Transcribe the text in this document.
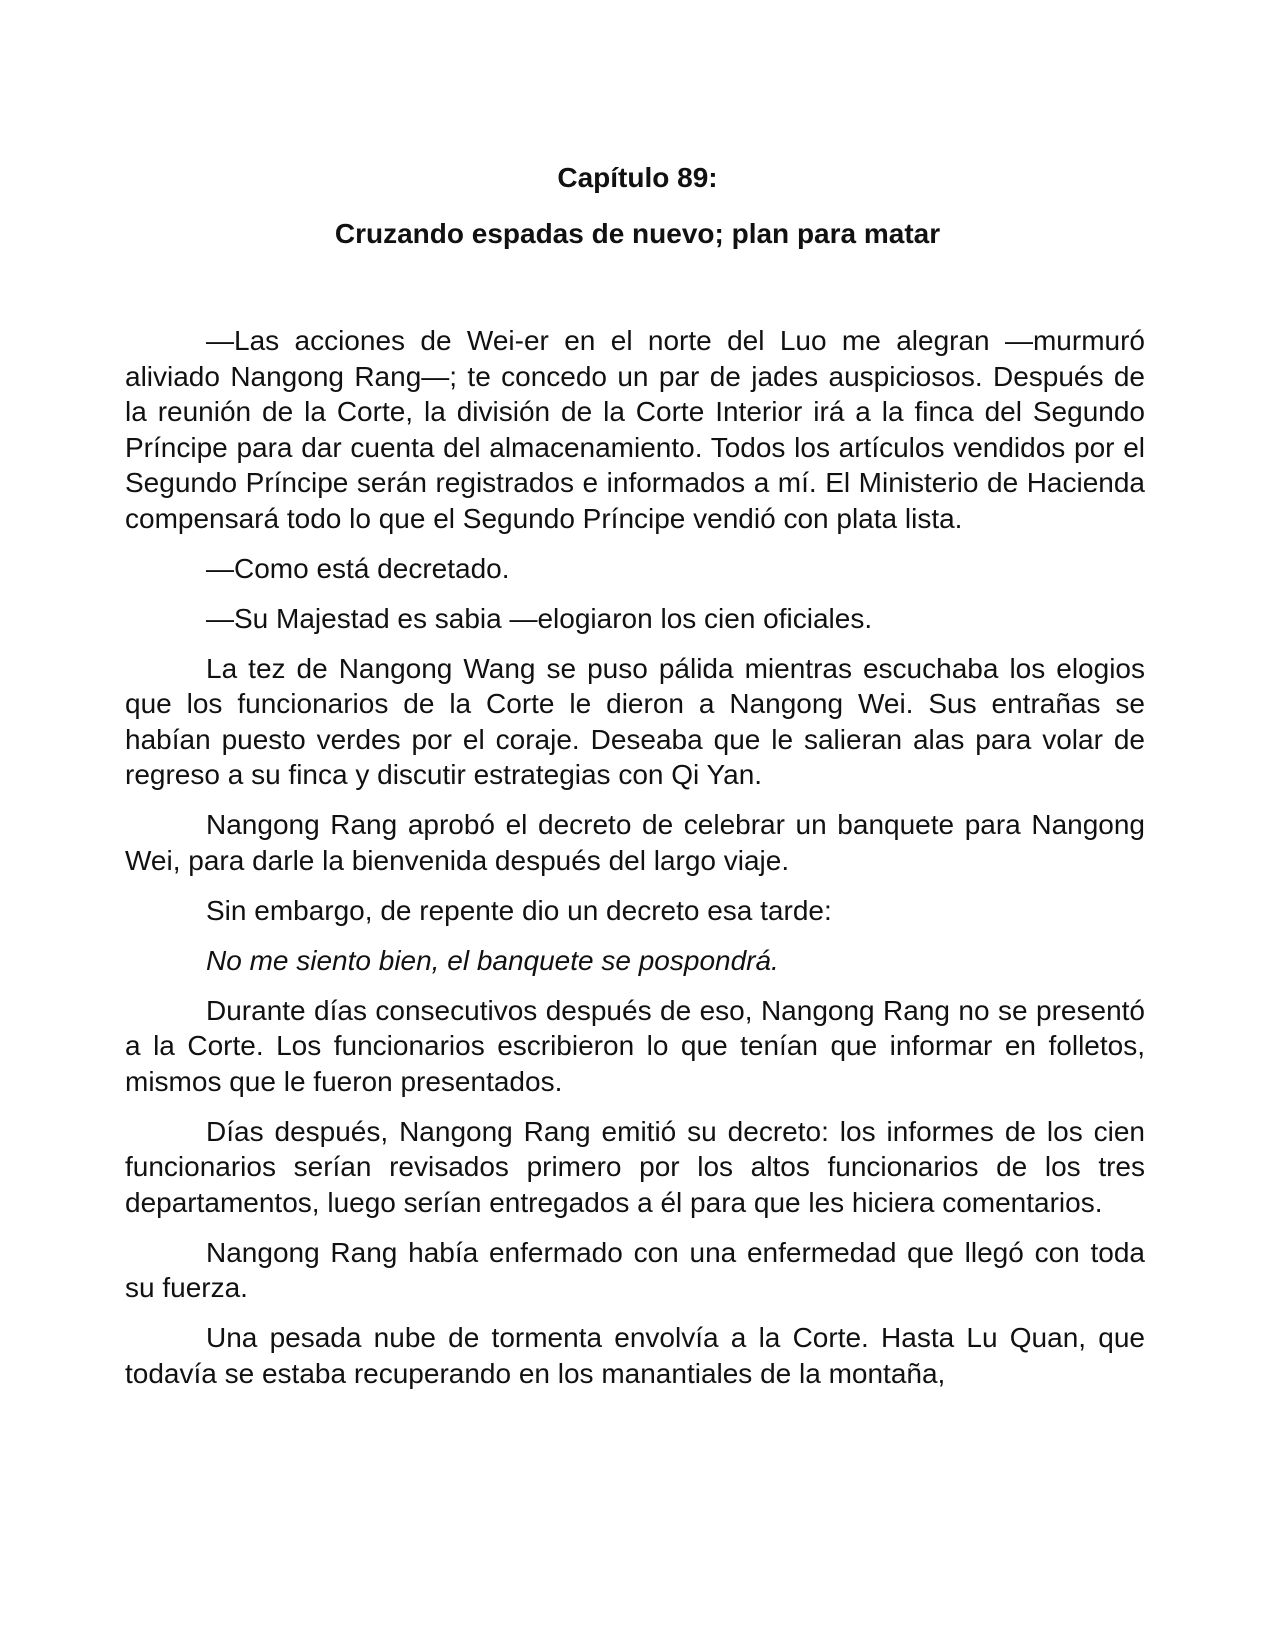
Capítulo 89:
Cruzando espadas de nuevo; plan para matar

—Las acciones de Wei-er en el norte del Luo me alegran —murmuró aliviado Nangong Rang—; te concedo un par de jades auspiciosos. Después de la reunión de la Corte, la división de la Corte Interior irá a la finca del Segundo Príncipe para dar cuenta del almacenamiento. Todos los artículos vendidos por el Segundo Príncipe serán registrados e informados a mí. El Ministerio de Hacienda compensará todo lo que el Segundo Príncipe vendió con plata lista.

—Como está decretado.

—Su Majestad es sabia —elogiaron los cien oficiales.

La tez de Nangong Wang se puso pálida mientras escuchaba los elogios que los funcionarios de la Corte le dieron a Nangong Wei. Sus entrañas se habían puesto verdes por el coraje. Deseaba que le salieran alas para volar de regreso a su finca y discutir estrategias con Qi Yan.

Nangong Rang aprobó el decreto de celebrar un banquete para Nangong Wei, para darle la bienvenida después del largo viaje.

Sin embargo, de repente dio un decreto esa tarde:

No me siento bien, el banquete se pospondrá.

Durante días consecutivos después de eso, Nangong Rang no se presentó a la Corte. Los funcionarios escribieron lo que tenían que informar en folletos, mismos que le fueron presentados.

Días después, Nangong Rang emitió su decreto: los informes de los cien funcionarios serían revisados primero por los altos funcionarios de los tres departamentos, luego serían entregados a él para que les hiciera comentarios.

Nangong Rang había enfermado con una enfermedad que llegó con toda su fuerza.

Una pesada nube de tormenta envolvía a la Corte. Hasta Lu Quan, que todavía se estaba recuperando en los manantiales de la montaña,
